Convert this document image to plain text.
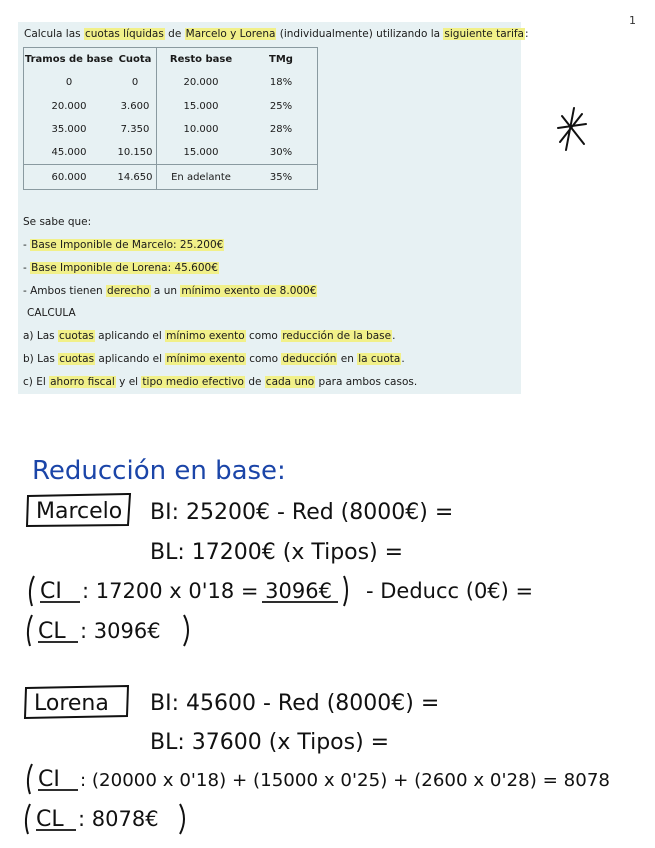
1
Calcula las cuotas líquidas de Marcelo y Lorena (individualmente) utilizando la siguiente tarifa:
Tramos de base	Cuota	Resto base	TMg
0	0	20.000	18%
20.000	3.600	15.000	25%
35.000	7.350	10.000	28%
45.000	10.150	15.000	30%
60.000	14.650	En adelante	35%
Se sabe que:
- Base Imponible de Marcelo: 25.200€
- Base Imponible de Lorena: 45.600€
- Ambos tienen derecho a un mínimo exento de 8.000€
CALCULA
a) Las cuotas aplicando el mínimo exento como reducción de la base.
b) Las cuotas aplicando el mínimo exento como deducción en la cuota.
c) El ahorro fiscal y el tipo medio efectivo de cada uno para ambos casos.
Reducción en base:
Marcelo BI: 25200€ - Red (8000€) =
BL: 17200€ (x Tipos) =
CI : 17200 x 0'18 = 3096€ - Deducc (0€) =
CL : 3096€
Lorena BI: 45600 - Red (8000€) =
BL: 37600 (x Tipos) =
CI : (20000 x 0'18) + (15000 x 0'25) + (2600 x 0'28) = 8078
CL : 8078€
